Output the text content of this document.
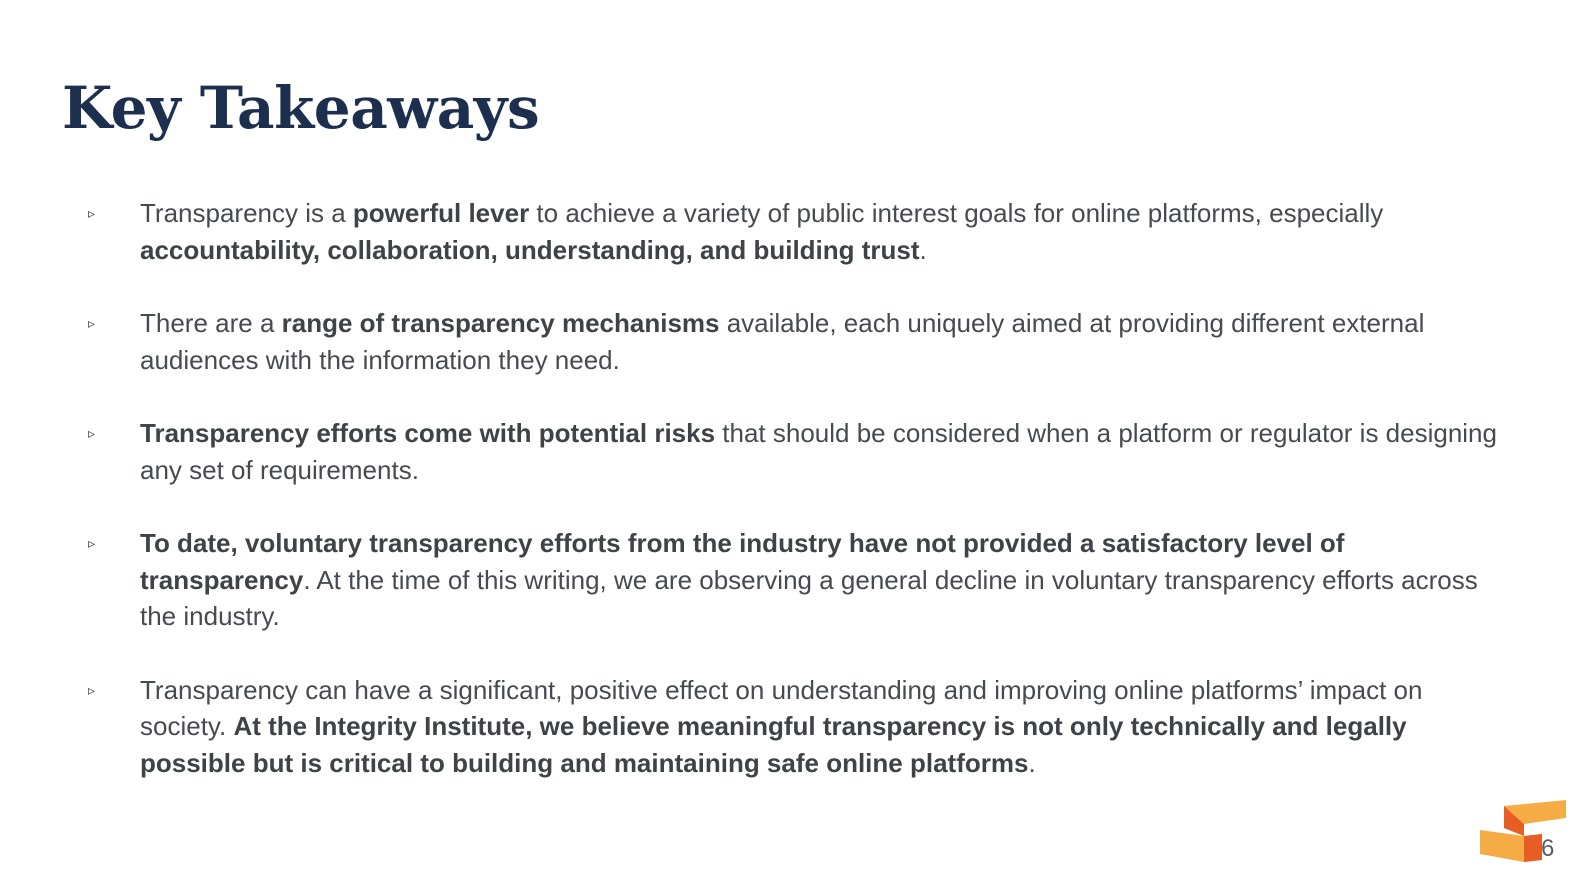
Key Takeaways
▹ Transparency is a powerful lever to achieve a variety of public interest goals for online platforms, especially accountability, collaboration, understanding, and building trust.
▹ There are a range of transparency mechanisms available, each uniquely aimed at providing different external audiences with the information they need.
▹ Transparency efforts come with potential risks that should be considered when a platform or regulator is designing any set of requirements.
▹ To date, voluntary transparency efforts from the industry have not provided a satisfactory level of transparency. At the time of this writing, we are observing a general decline in voluntary transparency efforts across the industry.
▹ Transparency can have a significant, positive effect on understanding and improving online platforms’ impact on society. At the Integrity Institute, we believe meaningful transparency is not only technically and legally possible but is critical to building and maintaining safe online platforms.
6
